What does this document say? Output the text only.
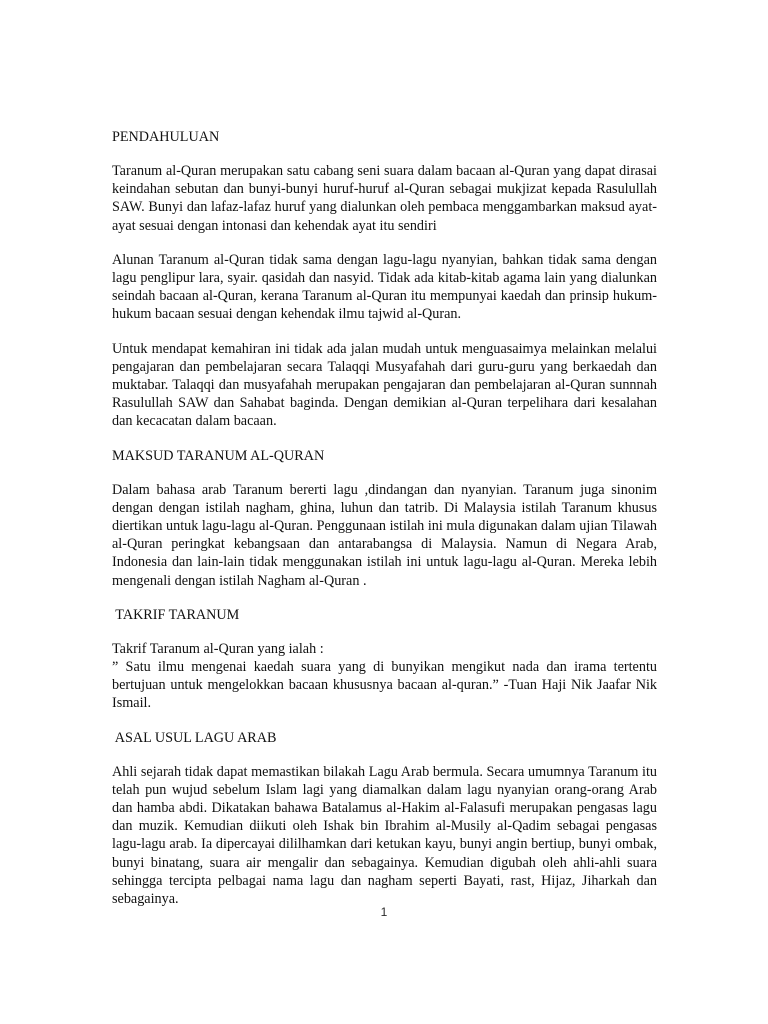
PENDAHULUAN

Taranum al-Quran merupakan satu cabang seni suara dalam bacaan al-Quran yang dapat dirasai keindahan sebutan dan bunyi-bunyi huruf-huruf al-Quran sebagai mukjizat kepada Rasulullah SAW. Bunyi dan lafaz-lafaz huruf yang dialunkan oleh pembaca menggambarkan maksud ayat-ayat sesuai dengan intonasi dan kehendak ayat itu sendiri

Alunan Taranum al-Quran tidak sama dengan lagu-lagu nyanyian, bahkan tidak sama dengan lagu penglipur lara, syair. qasidah dan nasyid. Tidak ada kitab-kitab agama lain yang dialunkan seindah bacaan al-Quran, kerana Taranum al-Quran itu mempunyai kaedah dan prinsip hukum-hukum bacaan sesuai dengan kehendak ilmu tajwid al-Quran.

Untuk mendapat kemahiran ini tidak ada jalan mudah untuk menguasaimya melainkan melalui pengajaran dan pembelajaran secara Talaqqi Musyafahah dari guru-guru yang berkaedah dan muktabar. Talaqqi dan musyafahah merupakan pengajaran dan pembelajaran al-Quran sunnnah Rasulullah SAW dan Sahabat baginda. Dengan demikian al-Quran terpelihara dari kesalahan dan kecacatan dalam bacaan.

MAKSUD TARANUM AL-QURAN

Dalam bahasa arab Taranum bererti lagu ,dindangan dan nyanyian. Taranum juga sinonim dengan dengan istilah nagham, ghina, luhun dan tatrib. Di Malaysia istilah Taranum khusus diertikan untuk lagu-lagu al-Quran. Penggunaan istilah ini mula digunakan dalam ujian Tilawah al-Quran peringkat kebangsaan dan antarabangsa di Malaysia. Namun di Negara Arab, Indonesia dan lain-lain tidak menggunakan istilah ini untuk lagu-lagu al-Quran. Mereka lebih mengenali dengan istilah Nagham al-Quran .

TAKRIF TARANUM

Takrif Taranum al-Quran yang ialah :

” Satu ilmu mengenai kaedah suara yang di bunyikan mengikut nada dan irama tertentu bertujuan untuk mengelokkan bacaan khususnya bacaan al-quran.” -Tuan Haji Nik Jaafar Nik Ismail.

ASAL USUL LAGU ARAB

Ahli sejarah tidak dapat memastikan bilakah Lagu Arab bermula. Secara umumnya Taranum itu telah pun wujud sebelum Islam lagi yang diamalkan dalam lagu nyanyian orang-orang Arab dan hamba abdi. Dikatakan bahawa Batalamus al-Hakim al-Falasufi merupakan pengasas lagu dan muzik. Kemudian diikuti oleh Ishak bin Ibrahim al-Musily al-Qadim sebagai pengasas lagu-lagu arab. Ia dipercayai dililhamkan dari ketukan kayu, bunyi angin bertiup, bunyi ombak, bunyi binatang, suara air mengalir dan sebagainya. Kemudian digubah oleh ahli-ahli suara sehingga tercipta pelbagai nama lagu dan nagham seperti Bayati, rast, Hijaz, Jiharkah dan sebagainya.

1
